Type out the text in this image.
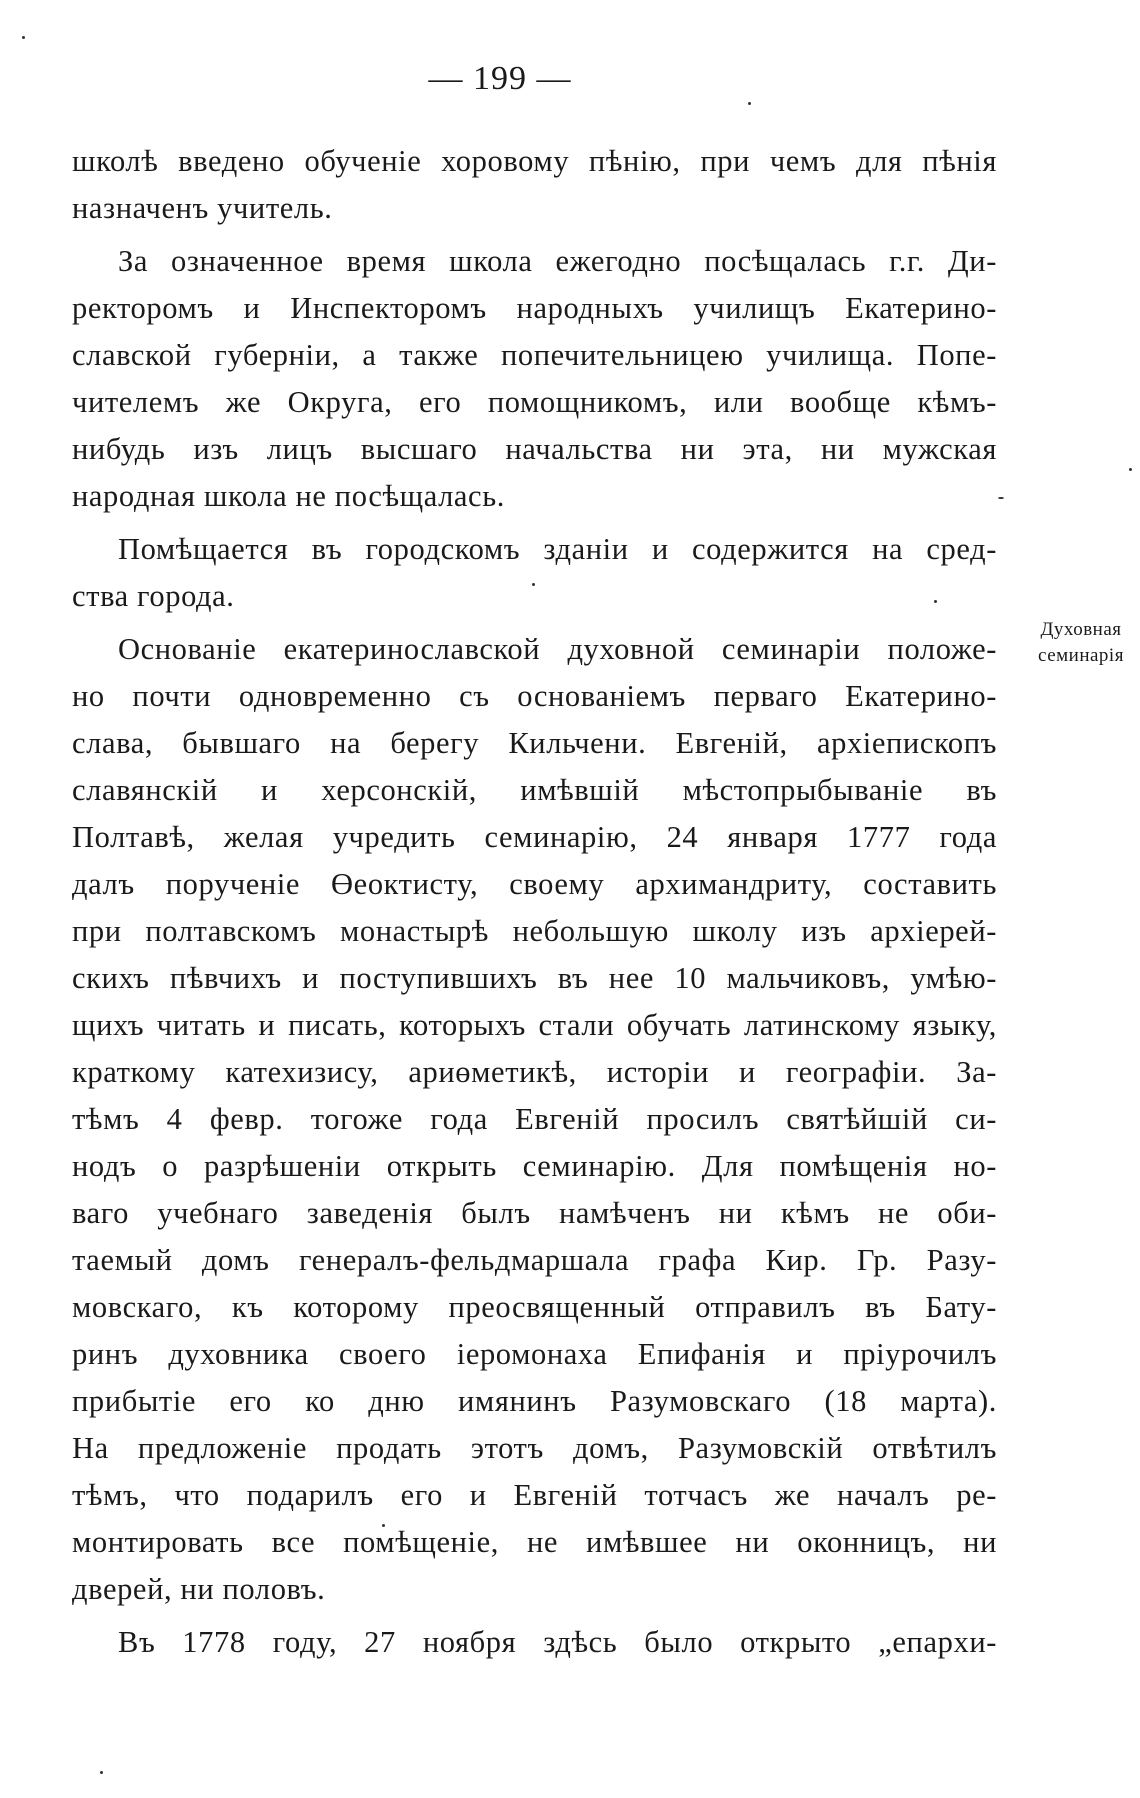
— 199 —
Духовная
семинарія
школѣ введено обученіе хоровому пѣнію, при чемъ для пѣнія
назначенъ учитель.
За означенное время школа ежегодно посѣщалась г.г. Ди-
ректоромъ и Инспекторомъ народныхъ училищъ Екатерино-
славской губерніи, а также попечительницею училища. Попе-
чителемъ же Округа, его помощникомъ, или вообще кѣмъ-
нибудь изъ лицъ высшаго начальства ни эта, ни мужская
народная школа не посѣщалась.
Помѣщается въ городскомъ зданіи и содержится на сред-
ства города.
Основаніе екатеринославской духовной семинаріи положе-
но почти одновременно съ основаніемъ перваго Екатерино-
слава, бывшаго на берегу Кильчени. Евгеній, архіепископъ
славянскій и херсонскій, имѣвшій мѣстопрыбываніе въ
Полтавѣ, желая учредить семинарію, 24 января 1777 года
далъ порученіе Өеоктисту, своему архимандриту, составить
при полтавскомъ монастырѣ небольшую школу изъ архіерей-
скихъ пѣвчихъ и поступившихъ въ нее 10 мальчиковъ, умѣю-
щихъ читать и писать, которыхъ стали обучать латинскому языку,
краткому катехизису, ариөметикѣ, исторіи и географіи. За-
тѣмъ 4 февр. тогоже года Евгеній просилъ святѣйшій си-
нодъ о разрѣшеніи открыть семинарію. Для помѣщенія но-
ваго учебнаго заведенія былъ намѣченъ ни кѣмъ не оби-
таемый домъ генералъ-фельдмаршала графа Кир. Гр. Разу-
мовскаго, къ которому преосвященный отправилъ въ Бату-
ринъ духовника своего іеромонаха Епифанія и пріурочилъ
прибытіе его ко дню имянинъ Разумовскаго (18 марта).
На предложеніе продать этотъ домъ, Разумовскій отвѣтилъ
тѣмъ, что подарилъ его и Евгеній тотчасъ же началъ ре-
монтировать все помѣщеніе, не имѣвшее ни оконницъ, ни
дверей, ни половъ.
Въ 1778 году, 27 ноября здѣсь было открыто „епархи-
